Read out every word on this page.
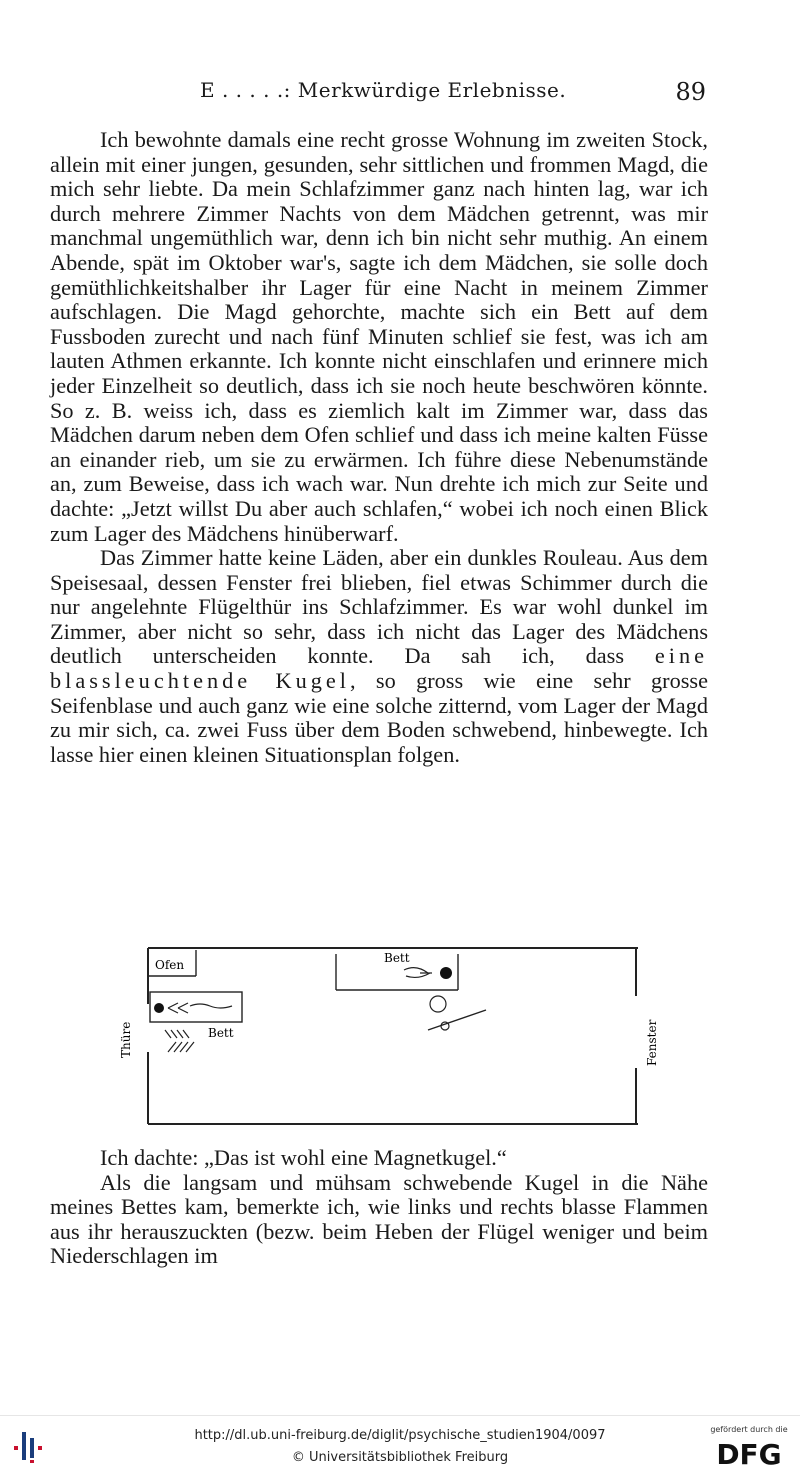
E . . . . .: Merkwürdige Erlebnisse.	89

Ich bewohnte damals eine recht grosse Wohnung im zweiten Stock, allein mit einer jungen, gesunden, sehr sittlichen und frommen Magd, die mich sehr liebte. Da mein Schlafzimmer ganz nach hinten lag, war ich durch mehrere Zimmer Nachts von dem Mädchen getrennt, was mir manchmal ungemüthlich war, denn ich bin nicht sehr muthig. An einem Abende, spät im Oktober war's, sagte ich dem Mädchen, sie solle doch gemüthlichkeitshalber ihr Lager für eine Nacht in meinem Zimmer aufschlagen. Die Magd gehorchte, machte sich ein Bett auf dem Fussboden zurecht und nach fünf Minuten schlief sie fest, was ich am lauten Athmen erkannte. Ich konnte nicht einschlafen und erinnere mich jeder Einzelheit so deutlich, dass ich sie noch heute beschwören könnte. So z. B. weiss ich, dass es ziemlich kalt im Zimmer war, dass das Mädchen darum neben dem Ofen schlief und dass ich meine kalten Füsse an einander rieb, um sie zu erwärmen. Ich führe diese Nebenumstände an, zum Beweise, dass ich wach war. Nun drehte ich mich zur Seite und dachte: „Jetzt willst Du aber auch schlafen,“ wobei ich noch einen Blick zum Lager des Mädchens hinüberwarf.

Das Zimmer hatte keine Läden, aber ein dunkles Rouleau. Aus dem Speisesaal, dessen Fenster frei blieben, fiel etwas Schimmer durch die nur angelehnte Flügelthür ins Schlafzimmer. Es war wohl dunkel im Zimmer, aber nicht so sehr, dass ich nicht das Lager des Mädchens deutlich unterscheiden konnte. Da sah ich, dass eine blassleuchtende Kugel, so gross wie eine sehr grosse Seifenblase und auch ganz wie eine solche zitternd, vom Lager der Magd zu mir sich, ca. zwei Fuss über dem Boden schwebend, hinbewegte. Ich lasse hier einen kleinen Situationsplan folgen.

Ofen
Bett
Bett
Thüre	Fenster

Ich dachte: „Das ist wohl eine Magnetkugel.“

Als die langsam und mühsam schwebende Kugel in die Nähe meines Bettes kam, bemerkte ich, wie links und rechts blasse Flammen aus ihr herauszuckten (bezw. beim Heben der Flügel weniger und beim Niederschlagen im

http://dl.ub.uni-freiburg.de/diglit/psychische_studien1904/0097
© Universitätsbibliothek Freiburg
gefördert durch die
DFG
